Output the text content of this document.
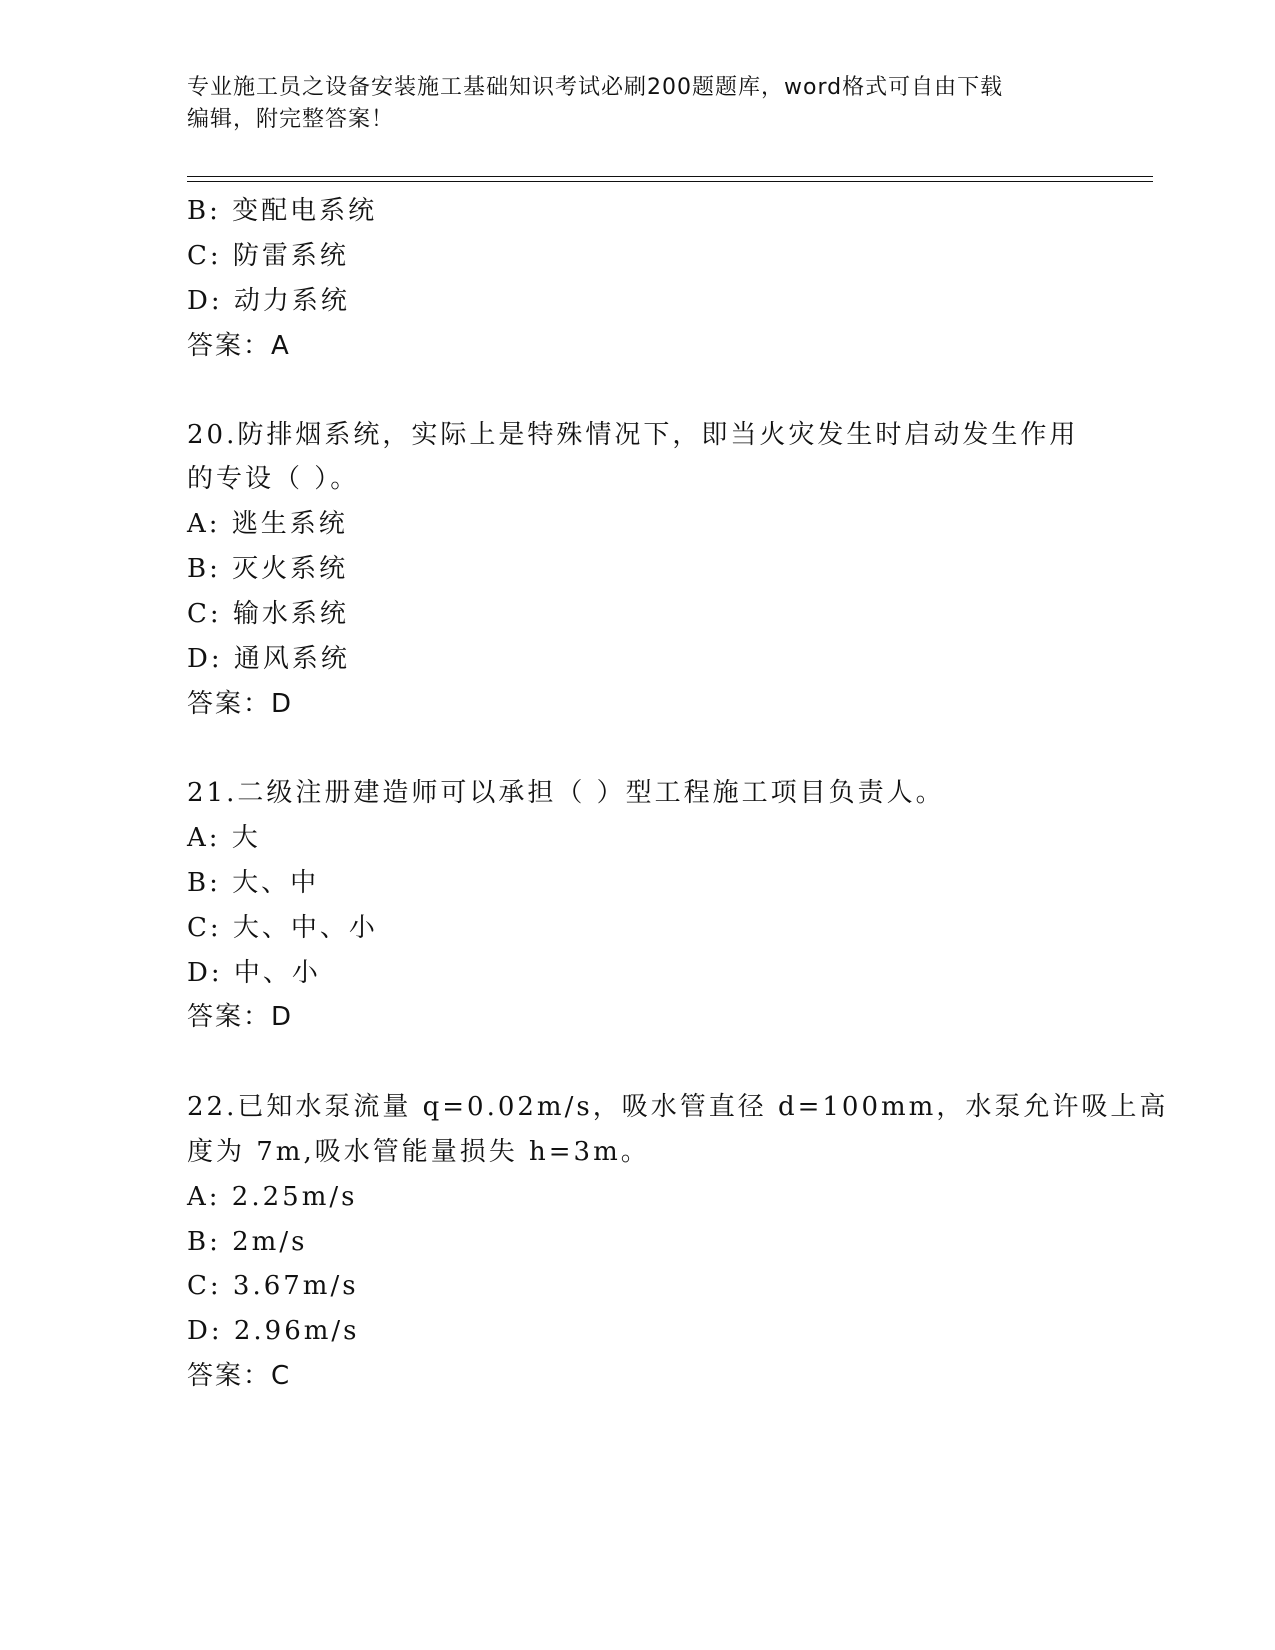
专业施工员之设备安装施工基础知识考试必刷200题题库，word格式可自由下载
编辑，附完整答案！
B: 变配电系统
C: 防雷系统
D: 动力系统
答案：A
20.防排烟系统，实际上是特殊情况下，即当火灾发生时启动发生作用
的专设（ ）。
A: 逃生系统
B: 灭火系统
C: 输水系统
D: 通风系统
答案：D
21.二级注册建造师可以承担（ ）型工程施工项目负责人。
A: 大
B: 大、中
C: 大、中、小
D: 中、小
答案：D
22.已知水泵流量 q=0.02m/s，吸水管直径 d=100mm，水泵允许吸上高
度为 7m,吸水管能量损失 h=3m。
A: 2.25m/s
B: 2m/s
C: 3.67m/s
D: 2.96m/s
答案：C
